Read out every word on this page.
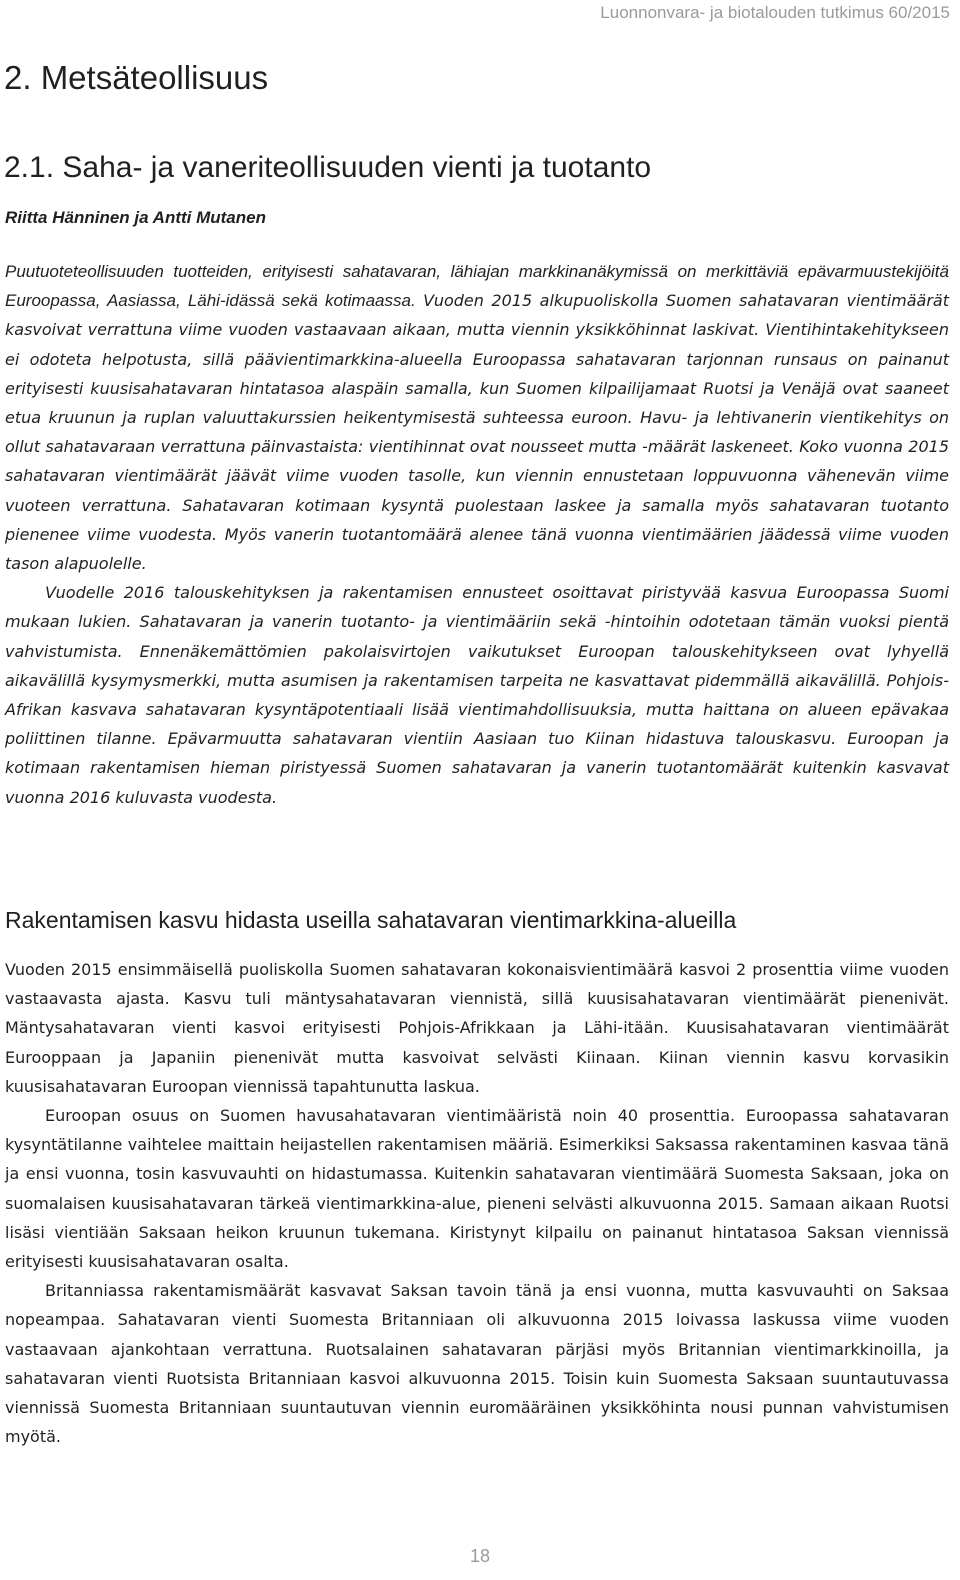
Luonnonvara- ja biotalouden tutkimus 60/2015
2. Metsäteollisuus
2.1. Saha- ja vaneriteollisuuden vienti ja tuotanto
Riitta Hänninen ja Antti Mutanen

Puutuoteteollisuuden tuotteiden, erityisesti sahatavaran, lähiajan markkinanäkymissä on merkittäviä epävarmuustekijöitä Euroopassa, Aasiassa, Lähi-idässä sekä kotimaassa. Vuoden 2015 alkupuoliskolla Suomen sahatavaran vientimäärät kasvoivat verrattuna viime vuoden vastaavaan aikaan, mutta viennin yksikköhinnat laskivat. Vientihintakehitykseen ei odoteta helpotusta, sillä päävientimarkkina-alueella Euroopassa sahatavaran tarjonnan runsaus on painanut erityisesti kuusisahatavaran hintatasoa alaspäin samalla, kun Suomen kilpailijamaat Ruotsi ja Venäjä ovat saaneet etua kruunun ja ruplan valuuttakurssien heikentymisestä suhteessa euroon. Havu- ja lehtivanerin vientikehitys on ollut sahatavaraan verrattuna päinvastaista: vientihinnat ovat nousseet mutta -määrät laskeneet. Koko vuonna 2015 sahatavaran vientimäärät jäävät viime vuoden tasolle, kun viennin ennustetaan loppuvuonna vähenevän viime vuoteen verrattuna. Sahatavaran kotimaan kysyntä puolestaan laskee ja samalla myös sahatavaran tuotanto pienenee viime vuodesta. Myös vanerin tuotantomäärä alenee tänä vuonna vientimäärien jäädessä viime vuoden tason alapuolelle.

Vuodelle 2016 talouskehityksen ja rakentamisen ennusteet osoittavat piristyvää kasvua Euroopassa Suomi mukaan lukien. Sahatavaran ja vanerin tuotanto- ja vientimääriin sekä -hintoihin odotetaan tämän vuoksi pientä vahvistumista. Ennenäkemättömien pakolaisvirtojen vaikutukset Euroopan talouskehitykseen ovat lyhyellä aikavälillä kysymysmerkki, mutta asumisen ja rakentamisen tarpeita ne kasvattavat pidemmällä aikavälillä. Pohjois-Afrikan kasvava sahatavaran kysyntäpotentiaali lisää vientimahdollisuuksia, mutta haittana on alueen epävakaa poliittinen tilanne. Epävarmuutta sahatavaran vientiin Aasiaan tuo Kiinan hidastuva talouskasvu. Euroopan ja kotimaan rakentamisen hieman piristyessä Suomen sahatavaran ja vanerin tuotantomäärät kuitenkin kasvavat vuonna 2016 kuluvasta vuodesta.

Rakentamisen kasvu hidasta useilla sahatavaran vientimarkkina-alueilla

Vuoden 2015 ensimmäisellä puoliskolla Suomen sahatavaran kokonaisvientimäärä kasvoi 2 prosenttia viime vuoden vastaavasta ajasta. Kasvu tuli mäntysahatavaran viennistä, sillä kuusisahatavaran vientimäärät pienenivät. Mäntysahatavaran vienti kasvoi erityisesti Pohjois-Afrikkaan ja Lähi-itään. Kuusisahatavaran vientimäärät Eurooppaan ja Japaniin pienenivät mutta kasvoivat selvästi Kiinaan. Kiinan viennin kasvu korvasikin kuusisahatavaran Euroopan viennissä tapahtunutta laskua.

Euroopan osuus on Suomen havusahatavaran vientimääristä noin 40 prosenttia. Euroopassa sahatavaran kysyntätilanne vaihtelee maittain heijastellen rakentamisen määriä. Esimerkiksi Saksassa rakentaminen kasvaa tänä ja ensi vuonna, tosin kasvuvauhti on hidastumassa. Kuitenkin sahatavaran vientimäärä Suomesta Saksaan, joka on suomalaisen kuusisahatavaran tärkeä vientimarkkina-alue, pieneni selvästi alkuvuonna 2015. Samaan aikaan Ruotsi lisäsi vientiään Saksaan heikon kruunun tukemana. Kiristynyt kilpailu on painanut hintatasoa Saksan viennissä erityisesti kuusisahatavaran osalta.

Britanniassa rakentamismäärät kasvavat Saksan tavoin tänä ja ensi vuonna, mutta kasvuvauhti on Saksaa nopeampaa. Sahatavaran vienti Suomesta Britanniaan oli alkuvuonna 2015 loivassa laskussa viime vuoden vastaavaan ajankohtaan verrattuna. Ruotsalainen sahatavaran pärjäsi myös Britannian vientimarkkinoilla, ja sahatavaran vienti Ruotsista Britanniaan kasvoi alkuvuonna 2015. Toisin kuin Suomesta Saksaan suuntautuvassa viennissä Suomesta Britanniaan suuntautuvan viennin euromääräinen yksikköhinta nousi punnan vahvistumisen myötä.

18
